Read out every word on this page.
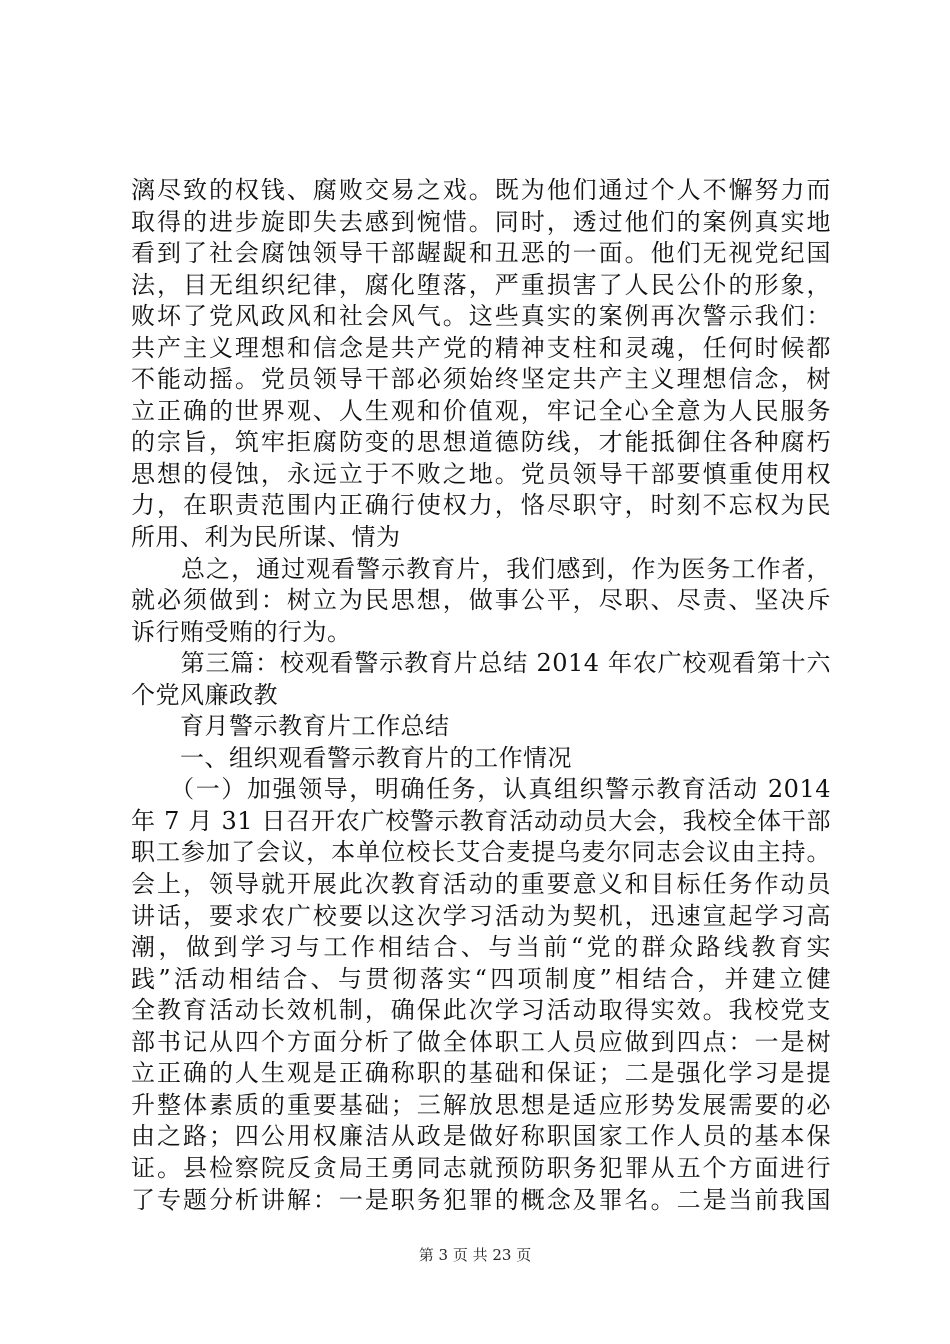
漓尽致的权钱、腐败交易之戏。既为他们通过个人不懈努力而
取得的进步旋即失去感到惋惜。同时，透过他们的案例真实地
看到了社会腐蚀领导干部龌龊和丑恶的一面。他们无视党纪国
法，目无组织纪律，腐化堕落，严重损害了人民公仆的形象，
败坏了党风政风和社会风气。这些真实的案例再次警示我们：
共产主义理想和信念是共产党的精神支柱和灵魂，任何时候都
不能动摇。党员领导干部必须始终坚定共产主义理想信念，树
立正确的世界观、人生观和价值观，牢记全心全意为人民服务
的宗旨，筑牢拒腐防变的思想道德防线，才能抵御住各种腐朽
思想的侵蚀，永远立于不败之地。党员领导干部要慎重使用权
力，在职责范围内正确行使权力，恪尽职守，时刻不忘权为民
所用、利为民所谋、情为
　　总之，通过观看警示教育片，我们感到，作为医务工作者，
就必须做到：树立为民思想，做事公平，尽职、尽责、坚决斥
诉行贿受贿的行为。
　　第三篇：校观看警示教育片总结 2014 年农广校观看第十六
个党风廉政教
　　育月警示教育片工作总结
　　一、组织观看警示教育片的工作情况
　　（一）加强领导，明确任务，认真组织警示教育活动 2014
年 7 月 31 日召开农广校警示教育活动动员大会，我校全体干部
职工参加了会议，本单位校长艾合麦提乌麦尔同志会议由主持。
会上，领导就开展此次教育活动的重要意义和目标任务作动员
讲话，要求农广校要以这次学习活动为契机，迅速宣起学习高
潮，做到学习与工作相结合、与当前“党的群众路线教育实
践”活动相结合、与贯彻落实“四项制度”相结合，并建立健
全教育活动长效机制，确保此次学习活动取得实效。我校党支
部书记从四个方面分析了做全体职工人员应做到四点：一是树
立正确的人生观是正确称职的基础和保证；二是强化学习是提
升整体素质的重要基础；三解放思想是适应形势发展需要的必
由之路；四公用权廉洁从政是做好称职国家工作人员的基本保
证。县检察院反贪局王勇同志就预防职务犯罪从五个方面进行
了专题分析讲解：一是职务犯罪的概念及罪名。二是当前我国
第 3 页 共 23 页
